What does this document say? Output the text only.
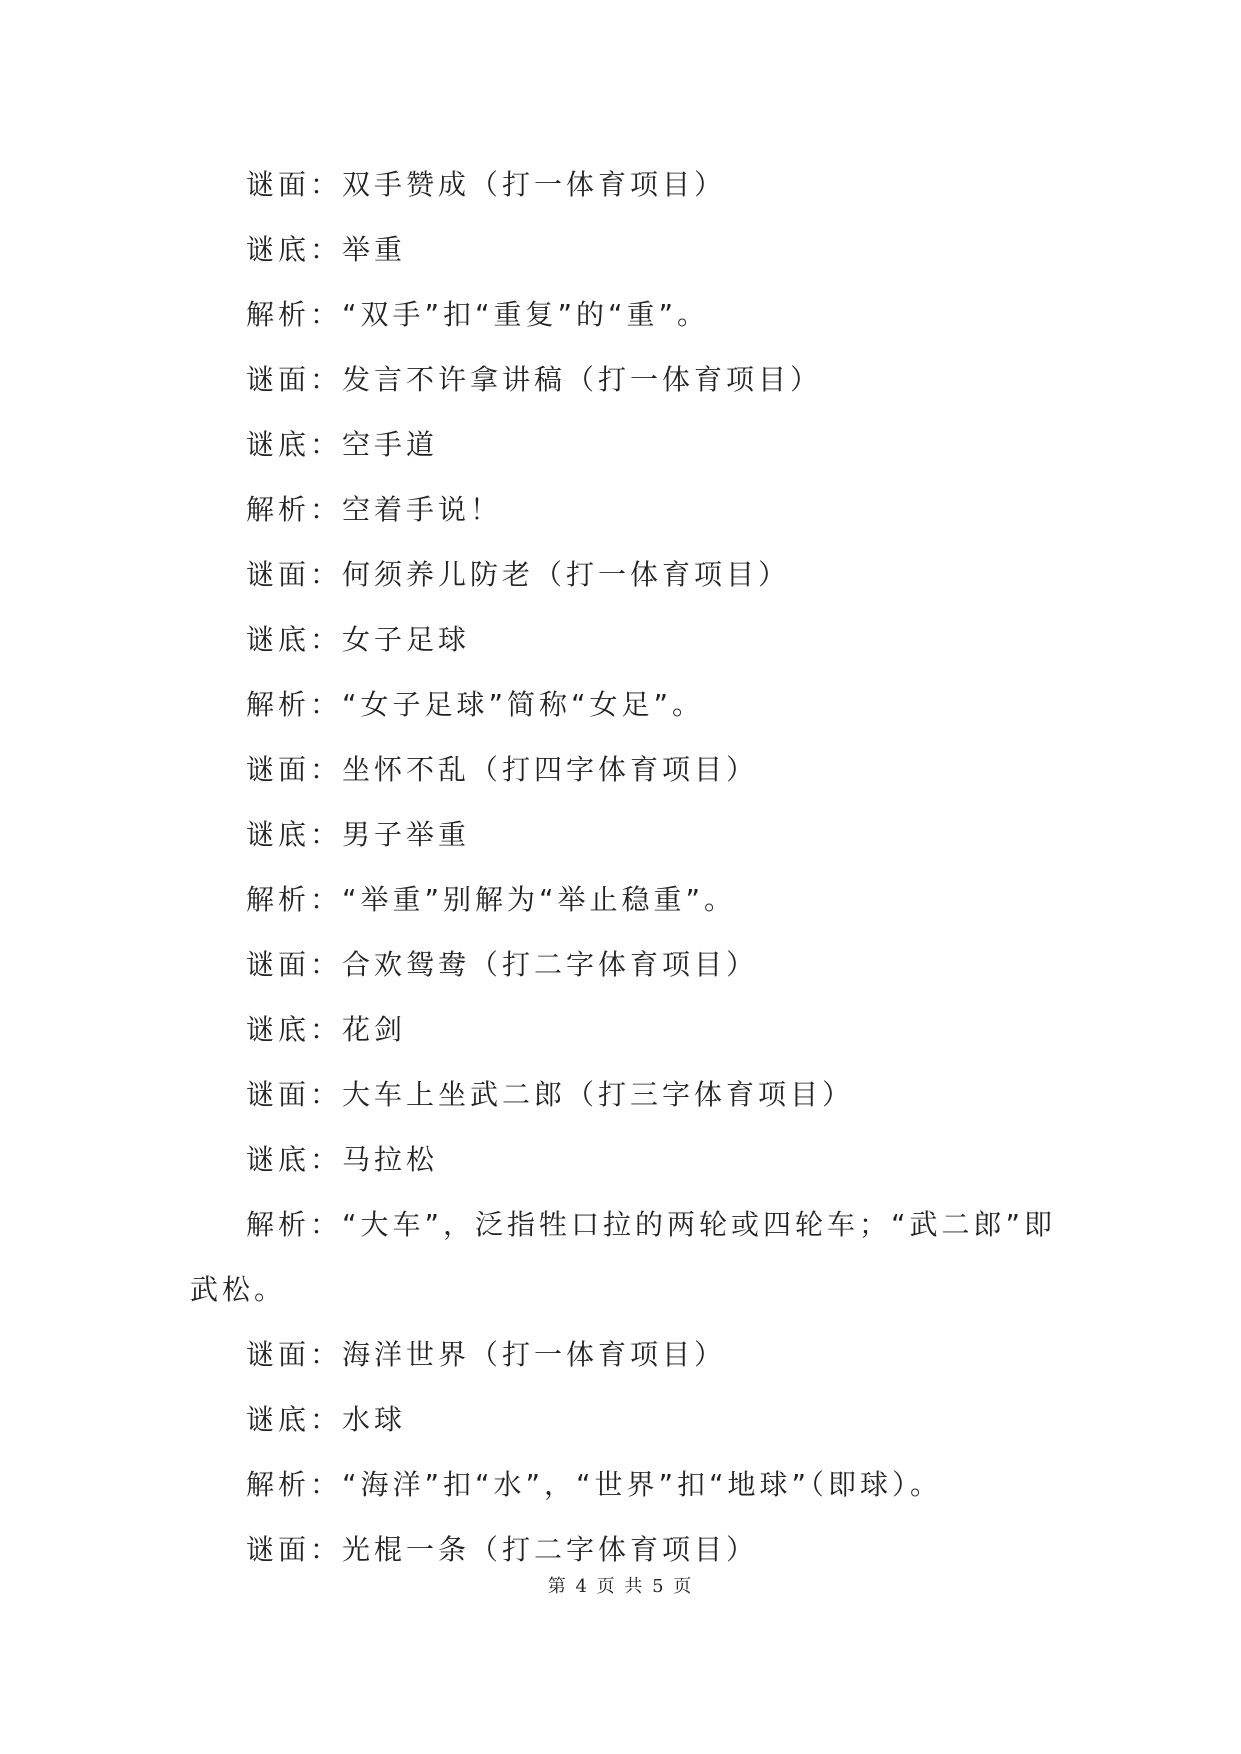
谜面：双手赞成（打一体育项目）
谜底：举重
解析：“双手”扣“重复”的“重”。
谜面：发言不许拿讲稿（打一体育项目）
谜底：空手道
解析：空着手说！
谜面：何须养儿防老（打一体育项目）
谜底：女子足球
解析：“女子足球”简称“女足”。
谜面：坐怀不乱（打四字体育项目）
谜底：男子举重
解析：“举重”别解为“举止稳重”。
谜面：合欢鸳鸯（打二字体育项目）
谜底：花剑
谜面：大车上坐武二郎（打三字体育项目）
谜底：马拉松
解析：“大车”，泛指牲口拉的两轮或四轮车；“武二郎”即武松。
谜面：海洋世界（打一体育项目）
谜底：水球
解析：“海洋”扣“水”，“世界”扣“地球”（即球）。
谜面：光棍一条（打二字体育项目）
第 4 页 共 5 页
